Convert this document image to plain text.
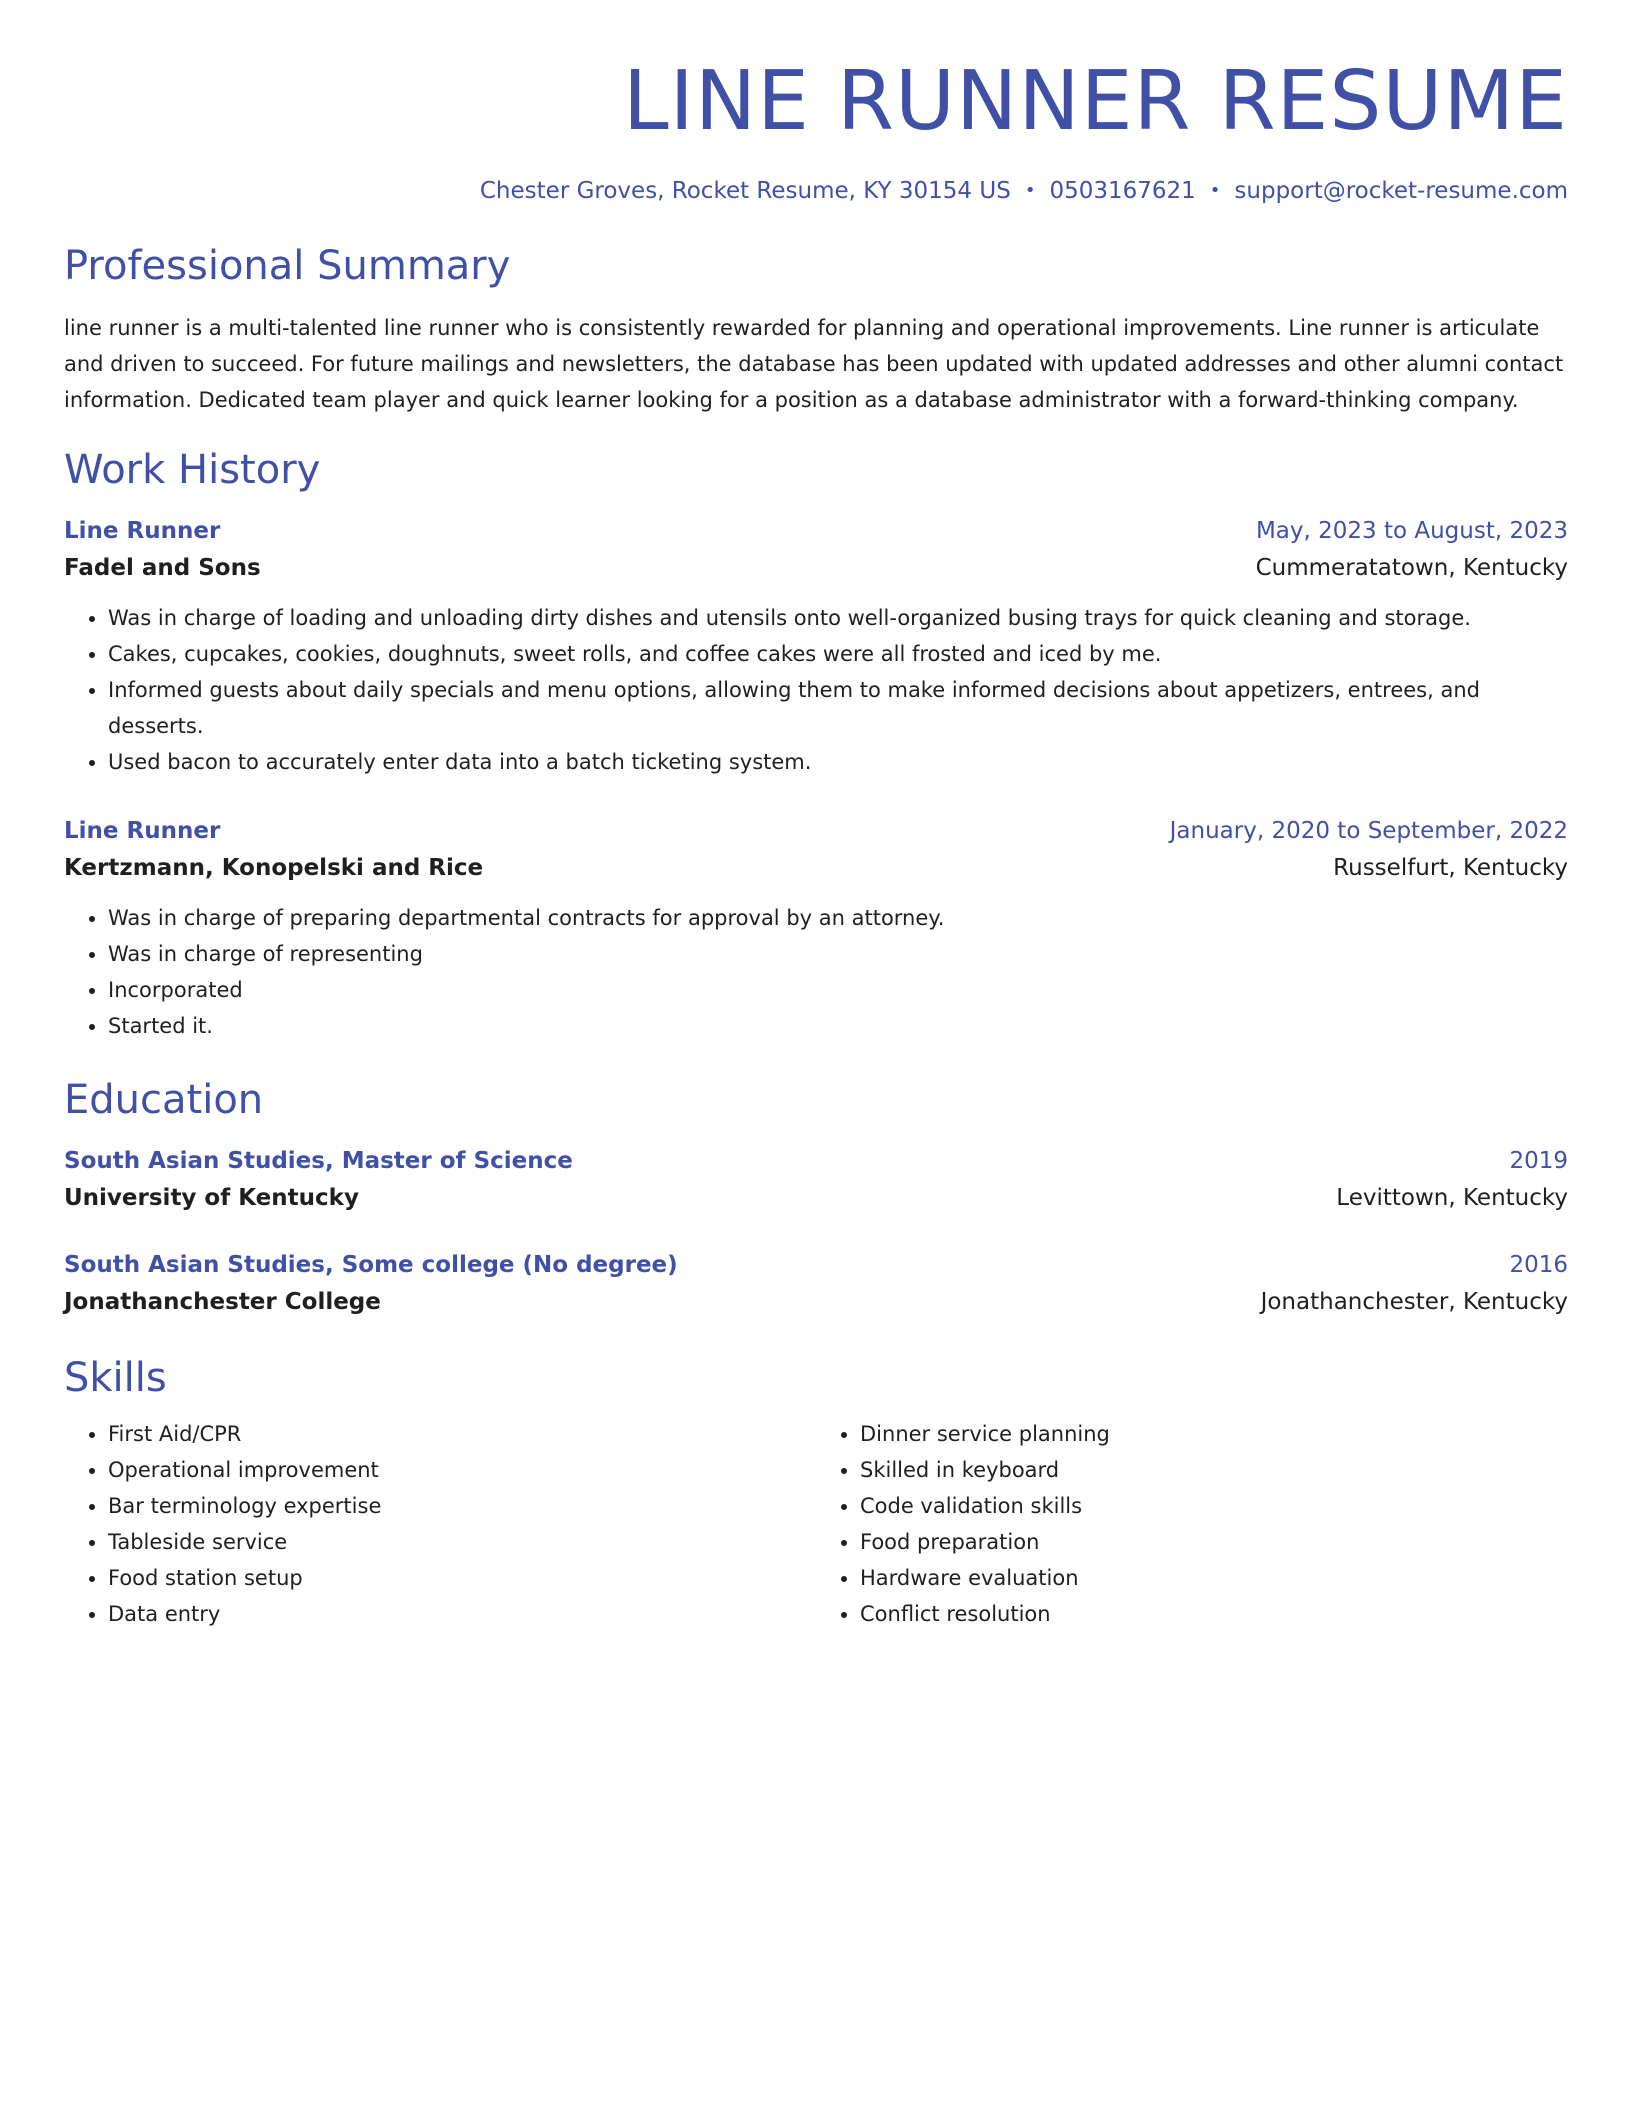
LINE RUNNER RESUME
Chester Groves, Rocket Resume, KY 30154 US • 0503167621 • support@rocket-resume.com
Professional Summary

line runner is a multi-talented line runner who is consistently rewarded for planning and operational improvements. Line runner is articulate and driven to succeed. For future mailings and newsletters, the database has been updated with updated addresses and other alumni contact information. Dedicated team player and quick learner looking for a position as a database administrator with a forward-thinking company.

Work History
Line Runner	May, 2023 to August, 2023
Fadel and Sons	Cummeratatown, Kentucky
• Was in charge of loading and unloading dirty dishes and utensils onto well-organized busing trays for quick cleaning and storage.
• Cakes, cupcakes, cookies, doughnuts, sweet rolls, and coffee cakes were all frosted and iced by me.
• Informed guests about daily specials and menu options, allowing them to make informed decisions about appetizers, entrees, and desserts.
• Used bacon to accurately enter data into a batch ticketing system.
Line Runner	January, 2020 to September, 2022
Kertzmann, Konopelski and Rice	Russelfurt, Kentucky
• Was in charge of preparing departmental contracts for approval by an attorney.
• Was in charge of representing
• Incorporated
• Started it.
Education
South Asian Studies, Master of Science	2019
University of Kentucky	Levittown, Kentucky
South Asian Studies, Some college (No degree)	2016
Jonathanchester College	Jonathanchester, Kentucky
Skills
• First Aid/CPR
• Operational improvement
• Bar terminology expertise
• Tableside service
• Food station setup
• Data entry
• Dinner service planning
• Skilled in keyboard
• Code validation skills
• Food preparation
• Hardware evaluation
• Conflict resolution
